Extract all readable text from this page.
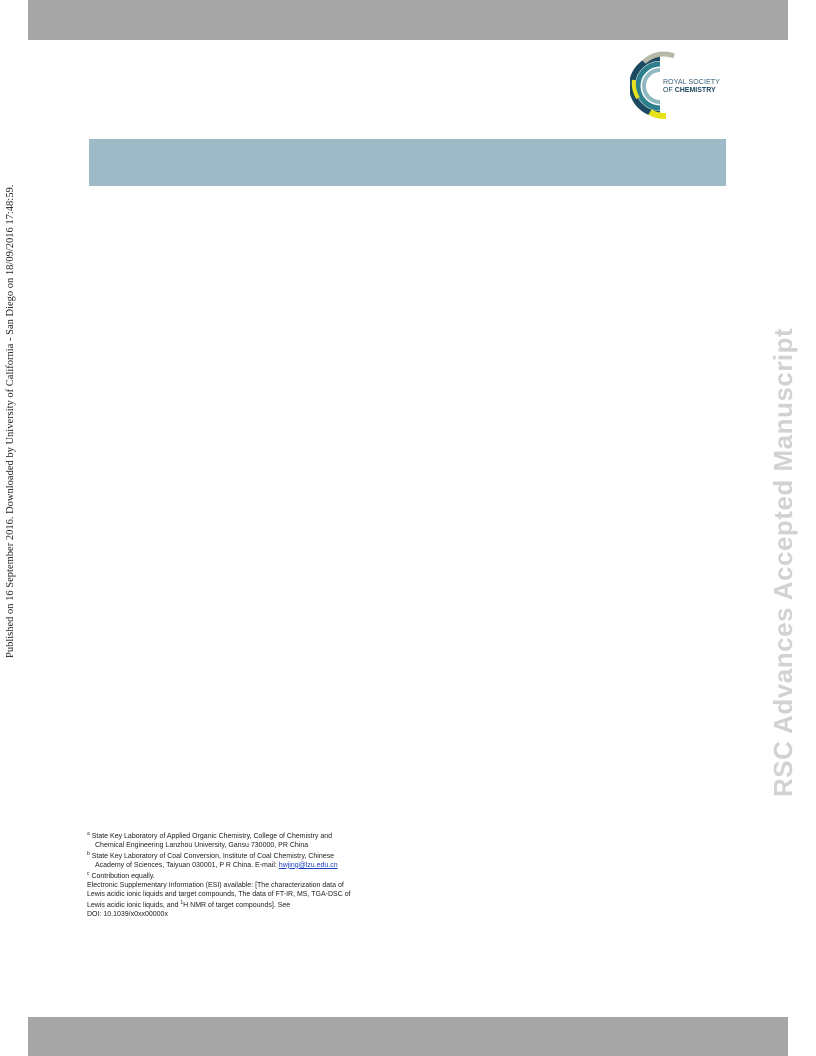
ROYAL SOCIETY
OF CHEMISTRY
Published on 16 September 2016. Downloaded by University of California - San Diego on 18/09/2016 17:48:59.	RSC Advances Accepted Manuscript

$^a$ State Key Laboratory of Applied Organic Chemistry, College of Chemistry and
Chemical Engineering Lanzhou University, Gansu 730000, PR China

$^b$ State Key Laboratory of Coal Conversion, Institute of Coal Chemistry, Chinese
Academy of Sciences, Taiyuan 030001, P R China. E-mail: hwjing@lzu.edu.cn

$^c$ Contribution equally.

Electronic Supplementary Information (ESI) available: [The characterization data of
Lewis acidic ionic liquids and target compounds, The data of FT-IR, MS, TGA-DSC of
Lewis acidic ionic liquids, and $^1$H NMR of target compounds]. See
DOI: 10.1039/x0xx00000x
